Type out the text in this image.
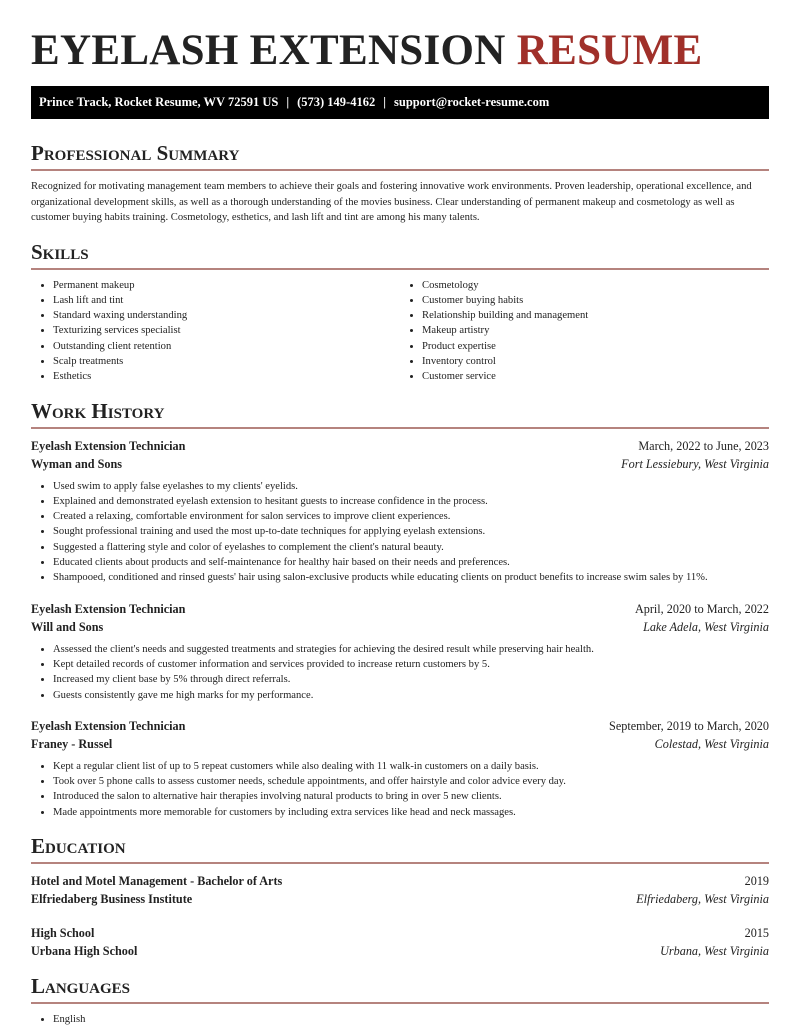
EYELASH EXTENSION RESUME
Prince Track, Rocket Resume, WV 72591 US | (573) 149-4162 | support@rocket-resume.com
Professional Summary

Recognized for motivating management team members to achieve their goals and fostering innovative work environments. Proven leadership, operational excellence, and organizational development skills, as well as a thorough understanding of the movies business. Clear understanding of permanent makeup and cosmetology as well as customer buying habits training. Cosmetology, esthetics, and lash lift and tint are among his many talents.

Skills
• Permanent makeup
• Lash lift and tint
• Standard waxing understanding
• Texturizing services specialist
• Outstanding client retention
• Scalp treatments
• Esthetics
• Cosmetology
• Customer buying habits
• Relationship building and management
• Makeup artistry
• Product expertise
• Inventory control
• Customer service
Work History
Eyelash Extension Technician	March, 2022 to June, 2023
Wyman and Sons	Fort Lessiebury, West Virginia
• Used swim to apply false eyelashes to my clients' eyelids.
• Explained and demonstrated eyelash extension to hesitant guests to increase confidence in the process.
• Created a relaxing, comfortable environment for salon services to improve client experiences.
• Sought professional training and used the most up-to-date techniques for applying eyelash extensions.
• Suggested a flattering style and color of eyelashes to complement the client's natural beauty.
• Educated clients about products and self-maintenance for healthy hair based on their needs and preferences.
• Shampooed, conditioned and rinsed guests' hair using salon-exclusive products while educating clients on product benefits to increase swim sales by 11%.
Eyelash Extension Technician	April, 2020 to March, 2022
Will and Sons	Lake Adela, West Virginia
• Assessed the client's needs and suggested treatments and strategies for achieving the desired result while preserving hair health.
• Kept detailed records of customer information and services provided to increase return customers by 5.
• Increased my client base by 5% through direct referrals.
• Guests consistently gave me high marks for my performance.
Eyelash Extension Technician	September, 2019 to March, 2020
Franey - Russel	Colestad, West Virginia
• Kept a regular client list of up to 5 repeat customers while also dealing with 11 walk-in customers on a daily basis.
• Took over 5 phone calls to assess customer needs, schedule appointments, and offer hairstyle and color advice every day.
• Introduced the salon to alternative hair therapies involving natural products to bring in over 5 new clients.
• Made appointments more memorable for customers by including extra services like head and neck massages.
Education
Hotel and Motel Management - Bachelor of Arts	2019
Elfriedaberg Business Institute	Elfriedaberg, West Virginia
High School	2015
Urbana High School	Urbana, West Virginia
Languages
• English
